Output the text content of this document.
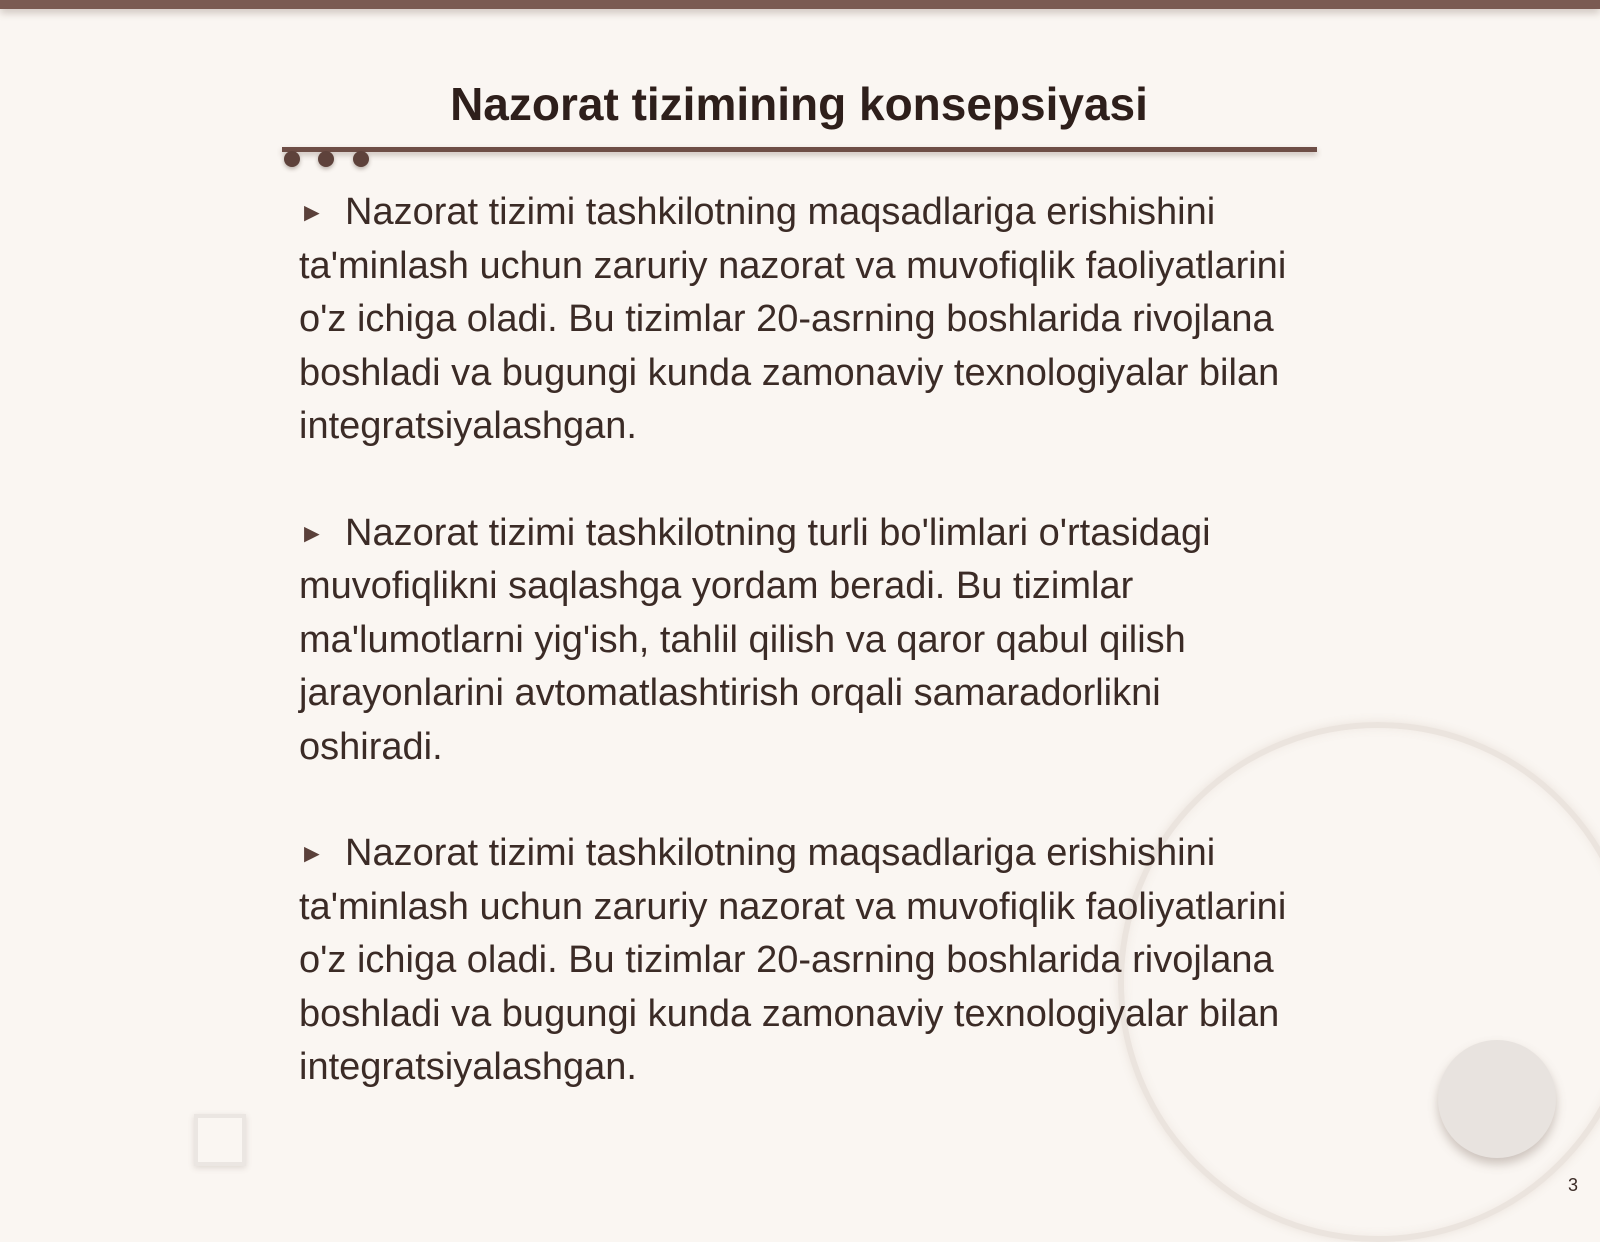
Nazorat tizimining konsepsiyasi

► Nazorat tizimi tashkilotning maqsadlariga erishishini ta'minlash uchun zaruriy nazorat va muvofiqlik faoliyatlarini o'z ichiga oladi. Bu tizimlar 20-asrning boshlarida rivojlana boshladi va bugungi kunda zamonaviy texnologiyalar bilan integratsiyalashgan.

► Nazorat tizimi tashkilotning turli bo'limlari o'rtasidagi muvofiqlikni saqlashga yordam beradi. Bu tizimlar ma'lumotlarni yig'ish, tahlil qilish va qaror qabul qilish jarayonlarini avtomatlashtirish orqali samaradorlikni oshiradi.

► Nazorat tizimi tashkilotning maqsadlariga erishishini ta'minlash uchun zaruriy nazorat va muvofiqlik faoliyatlarini o'z ichiga oladi. Bu tizimlar 20-asrning boshlarida rivojlana boshladi va bugungi kunda zamonaviy texnologiyalar bilan integratsiyalashgan.

3
